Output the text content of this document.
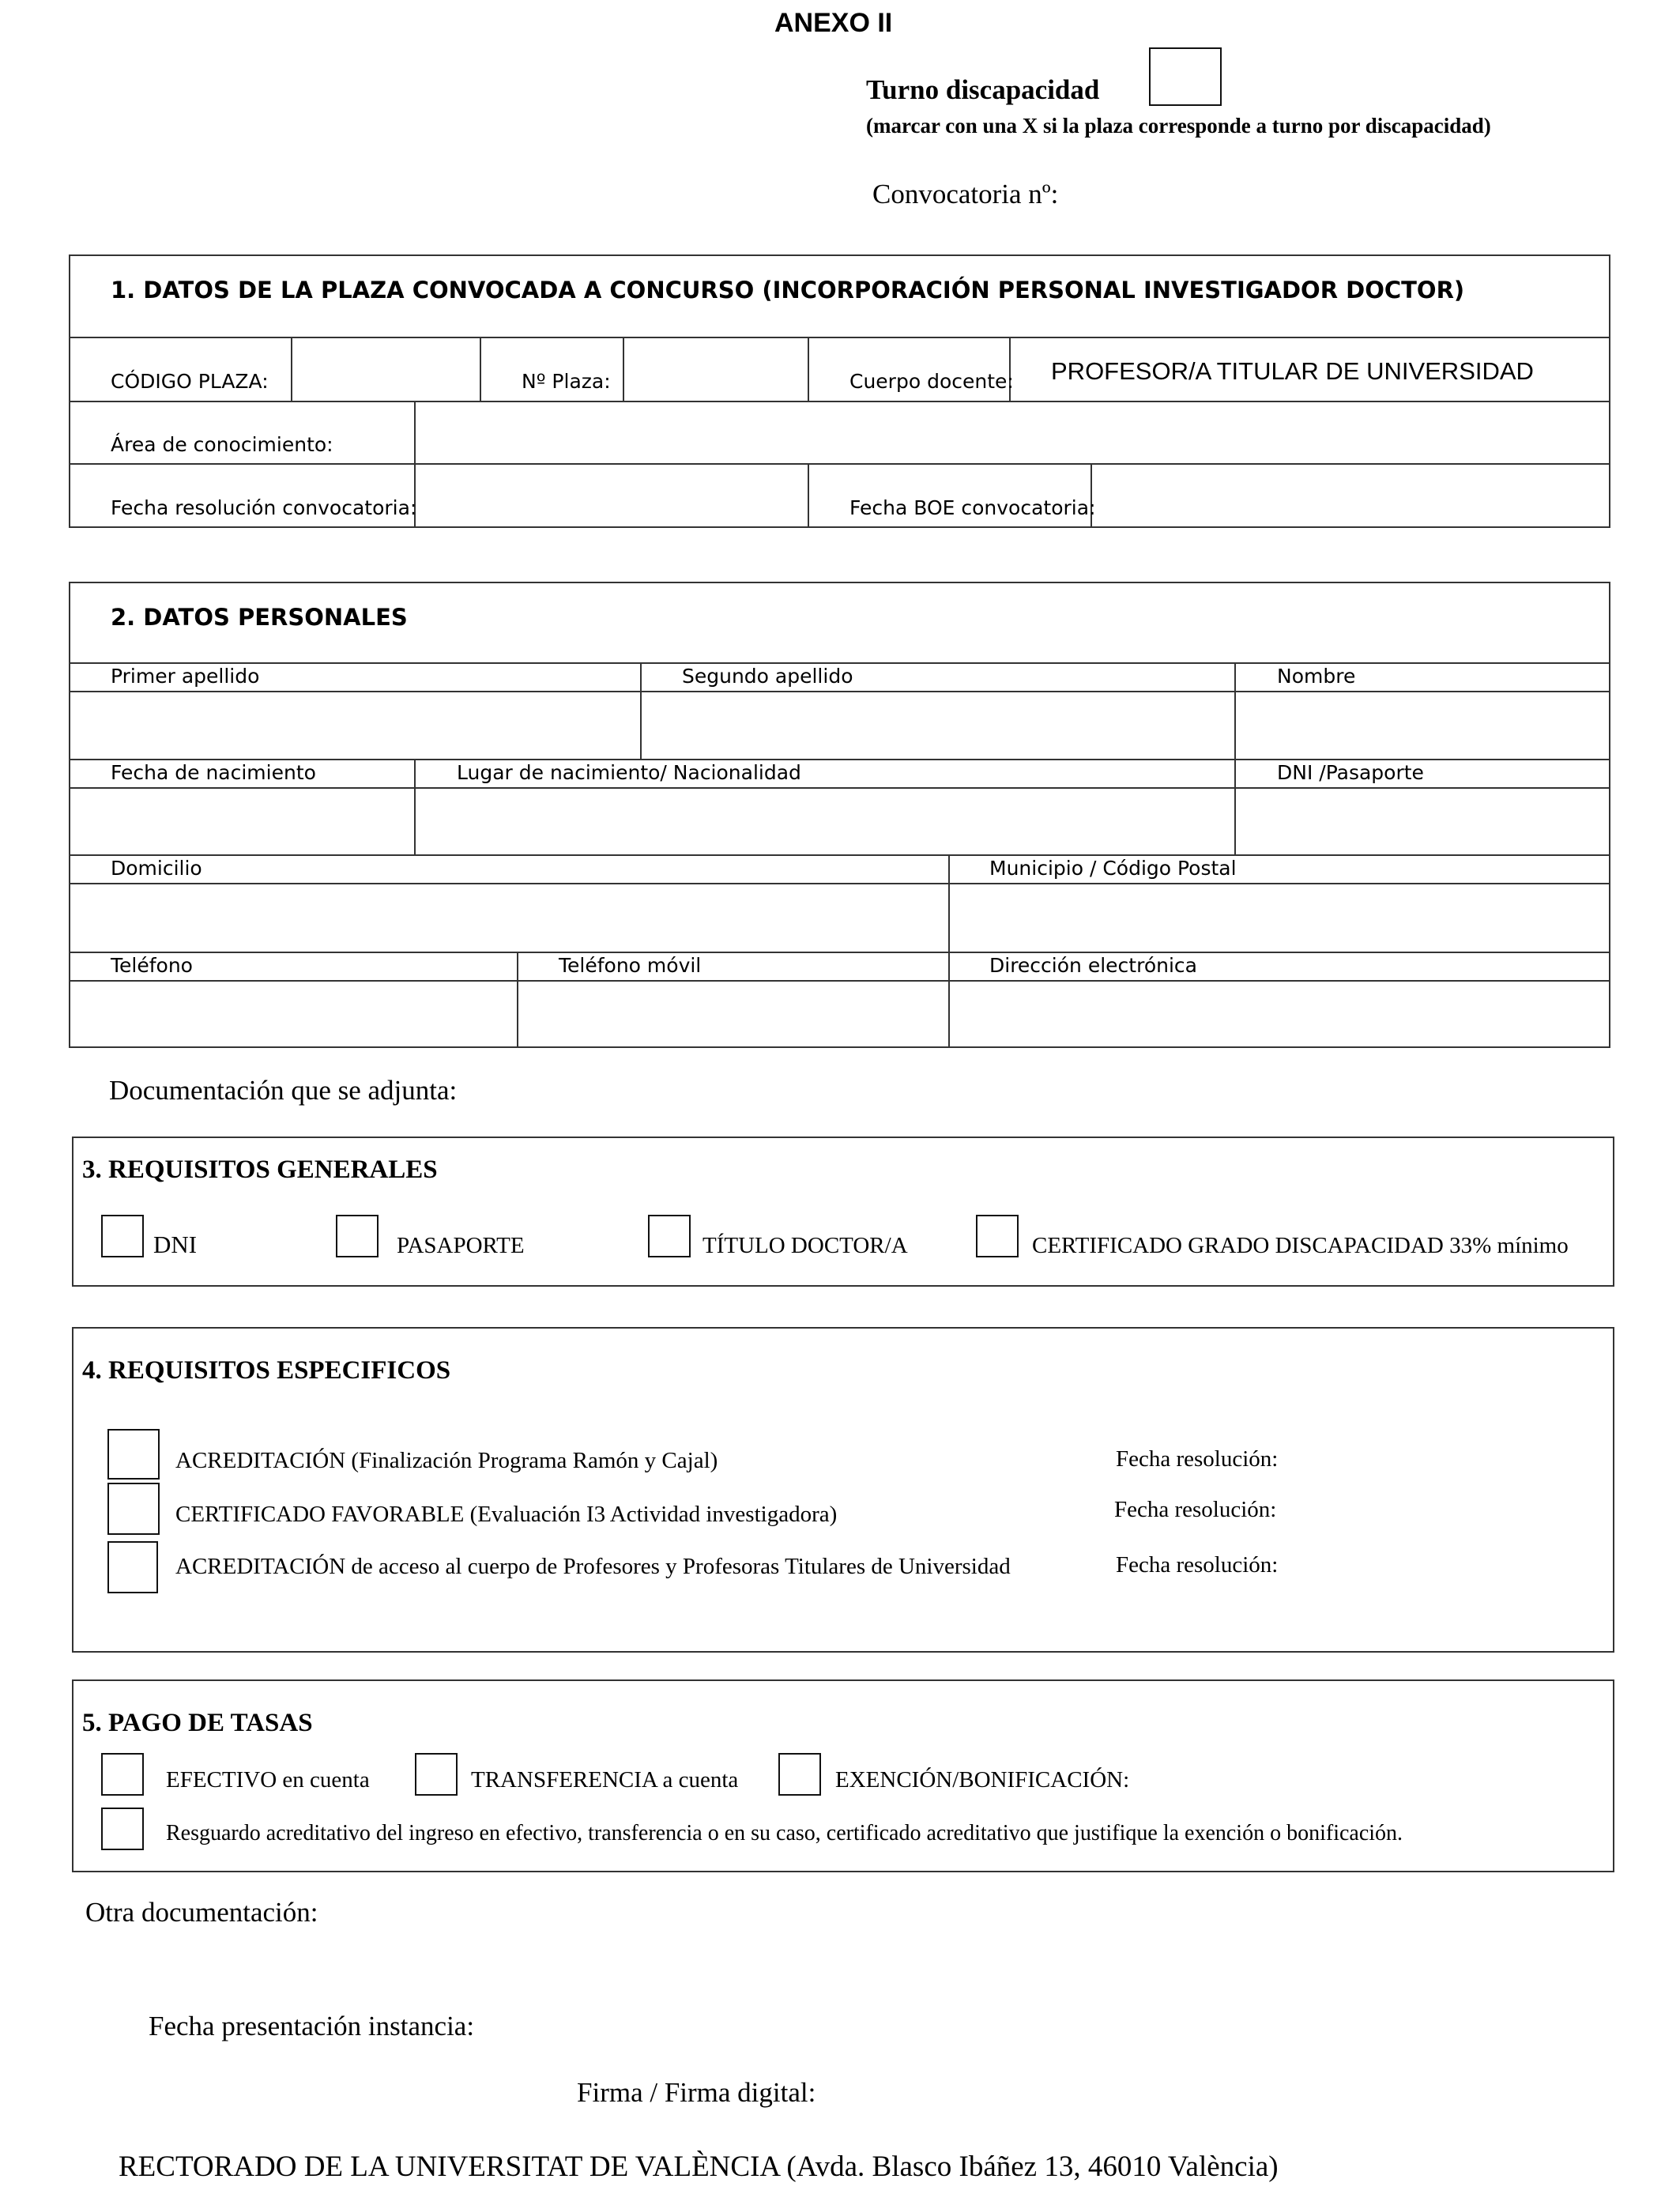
ANEXO II
Turno discapacidad
(marcar con una X si la plaza corresponde a turno por discapacidad)
Convocatoria nº:
1. DATOS DE LA PLAZA CONVOCADA A CONCURSO (INCORPORACIÓN PERSONAL INVESTIGADOR DOCTOR)
CÓDIGO PLAZA:	Nº Plaza:	Cuerpo docente: PROFESOR/A TITULAR DE UNIVERSIDAD
Área de conocimiento:
Fecha resolución convocatoria:	Fecha BOE convocatoria:
2. DATOS PERSONALES
Primer apellido	Segundo apellido	Nombre
Fecha de nacimiento	Lugar de nacimiento/ Nacionalidad	DNI /Pasaporte
Domicilio	Municipio / Código Postal
Teléfono	Teléfono móvil	Dirección electrónica
Documentación que se adjunta:
3. REQUISITOS GENERALES
DNI	PASAPORTE	TÍTULO DOCTOR/A	CERTIFICADO GRADO DISCAPACIDAD 33% mínimo
4. REQUISITOS ESPECIFICOS
ACREDITACIÓN (Finalización Programa Ramón y Cajal)	Fecha resolución:
CERTIFICADO FAVORABLE (Evaluación I3 Actividad investigadora)	Fecha resolución:
ACREDITACIÓN de acceso al cuerpo de Profesores y Profesoras Titulares de Universidad	Fecha resolución:
5. PAGO DE TASAS
EFECTIVO en cuenta	TRANSFERENCIA a cuenta	EXENCIÓN/BONIFICACIÓN:
Resguardo acreditativo del ingreso en efectivo, transferencia o en su caso, certificado acreditativo que justifique la exención o bonificación.
Otra documentación:
Fecha presentación instancia:
Firma / Firma digital:
RECTORADO DE LA UNIVERSITAT DE VALÈNCIA (Avda. Blasco Ibáñez 13, 46010 València)
